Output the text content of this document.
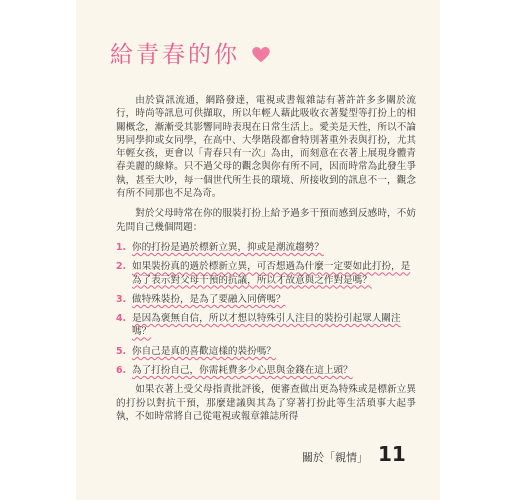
給青春的你

由於資訊流通，網路發達，電視或書報雜誌有著許許多多關於流行，時尚等訊息可供擷取，所以年輕人藉此吸收衣著髮型等打扮上的相關概念，漸漸受其影響同時表現在日常生活上。愛美是天性，所以不論男同學抑或女同學，在高中、大學階段都會特別著重外表與打扮，尤其年輕女孩，更會以「青春只有一次」為由，而刻意在衣著上展現身體青春美麗的線條。只不過父母的觀念與你有所不同，因而時常為此發生爭執，甚至大吵，每一個世代所生長的環境、所接收到的訊息不一，觀念有所不同那也不足為奇。

對於父母時常在你的服裝打扮上給予過多干預而感到反感時，不妨先問自己幾個問題：

1. 你的打扮是過於標新立異，抑或是潮流趨勢？
2. 如果裝扮真的過於標新立異，可否想過為什麼一定要如此打扮，是為了表示對父母干預的抗議，所以才故意與之作對是嗎？
3. 做特殊裝扮，是為了要融入同儕嗎？
4. 是因為褒無自信，所以才想以特殊引人注目的裝扮引起眾人關注嗎？
5. 你自己是真的喜歡這樣的裝扮嗎？
6. 為了打扮自己，你需耗費多少心思與金錢在這上頭？

如果衣著上受父母指責批評後，便審查做出更為特殊或是標新立異的打扮以對抗干預，那麼建議與其為了穿著打扮此等生活瑣事大起爭執，不如時常將自己從電視或報章雜誌所得

關於「親情」 11
